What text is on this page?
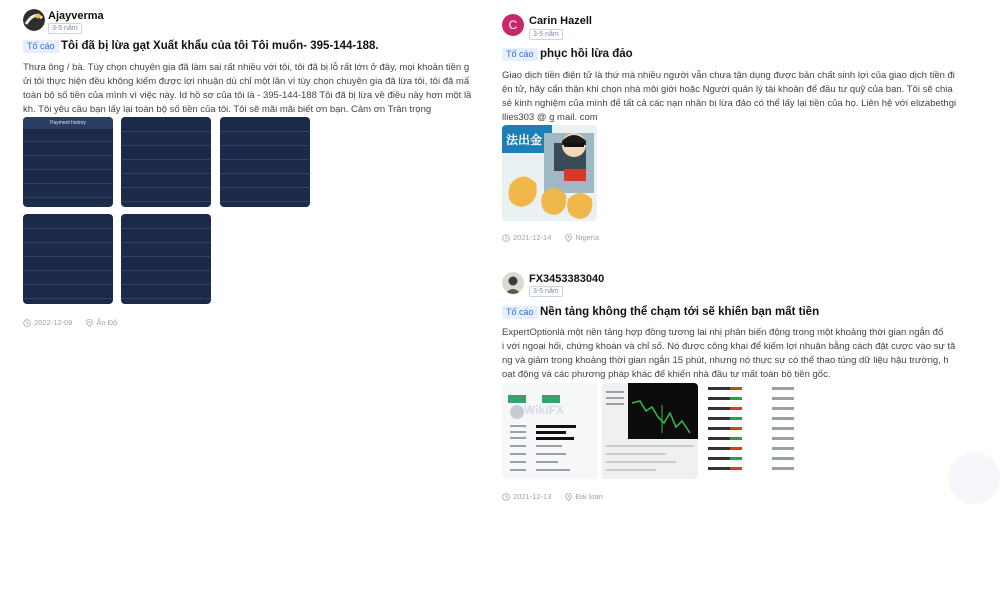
Ajayverma
3-5 năm
Tố cáo Tôi đã bị lừa gạt Xuất khẩu của tôi Tôi muốn- 395-144-188.
Thưa ông / bà. Tùy chọn chuyên gia đã làm sai rất nhiều với tôi, tôi đã bị lỗ rất lớn ở đây, mọi khoản tiền g
ửi tôi thực hiện đều không kiếm được lợi nhuận dù chỉ một lần vì tùy chọn chuyên gia đã lừa tôi, tôi đã mấ
toàn bộ số tiền của mình vì việc này. Id hồ sơ của tôi là - 395-144-188 Tôi đã bị lừa về điều này hơn một lầ
kh. Tôi yêu cầu bạn lấy lại toàn bộ số tiền của tôi. Tôi sẽ mãi mãi biết ơn bạn. Cảm ơn Trân trọng
Payment history
2022-12-09	Ấn Độ
C	Carin Hazell
3-5 năm
Tố cáo phục hồi lừa đảo
Giao dịch tiền điện tử là thứ mà nhiều người vẫn chưa tận dụng được bản chất sinh lợi của giao dịch tiền đi
ện tử, hãy cẩn thận khi chọn nhà môi giới hoặc Người quản lý tài khoản để đầu tư quỹ của bạn. Tôi sẽ chia
sẻ kinh nghiệm của mình để tất cả các nạn nhân bị lừa đảo có thể lấy lại tiền của họ. Liên hệ với elizabethgi
llies303 @ g mail. com
法出金
2021-12-14	Nigeria
FX3453383040
3-5 năm
Tố cáo Nền tảng không thể chạm tới sẽ khiến bạn mất tiền
ExpertOptionlà một nền tảng hợp đồng tương lai nhị phân biến động trong một khoảng thời gian ngắn đố
i với ngoại hối, chứng khoán và chỉ số. Nó được công khai để kiếm lợi nhuận bằng cách đặt cược vào sự tă
ng và giảm trong khoảng thời gian ngắn 15 phút, nhưng nó thực sự có thể thao túng dữ liệu hậu trường, h
oạt động và các phương pháp khác để khiến nhà đầu tư mất toàn bộ tiền gốc.
WikiFX
2021-12-13	Đài loan
